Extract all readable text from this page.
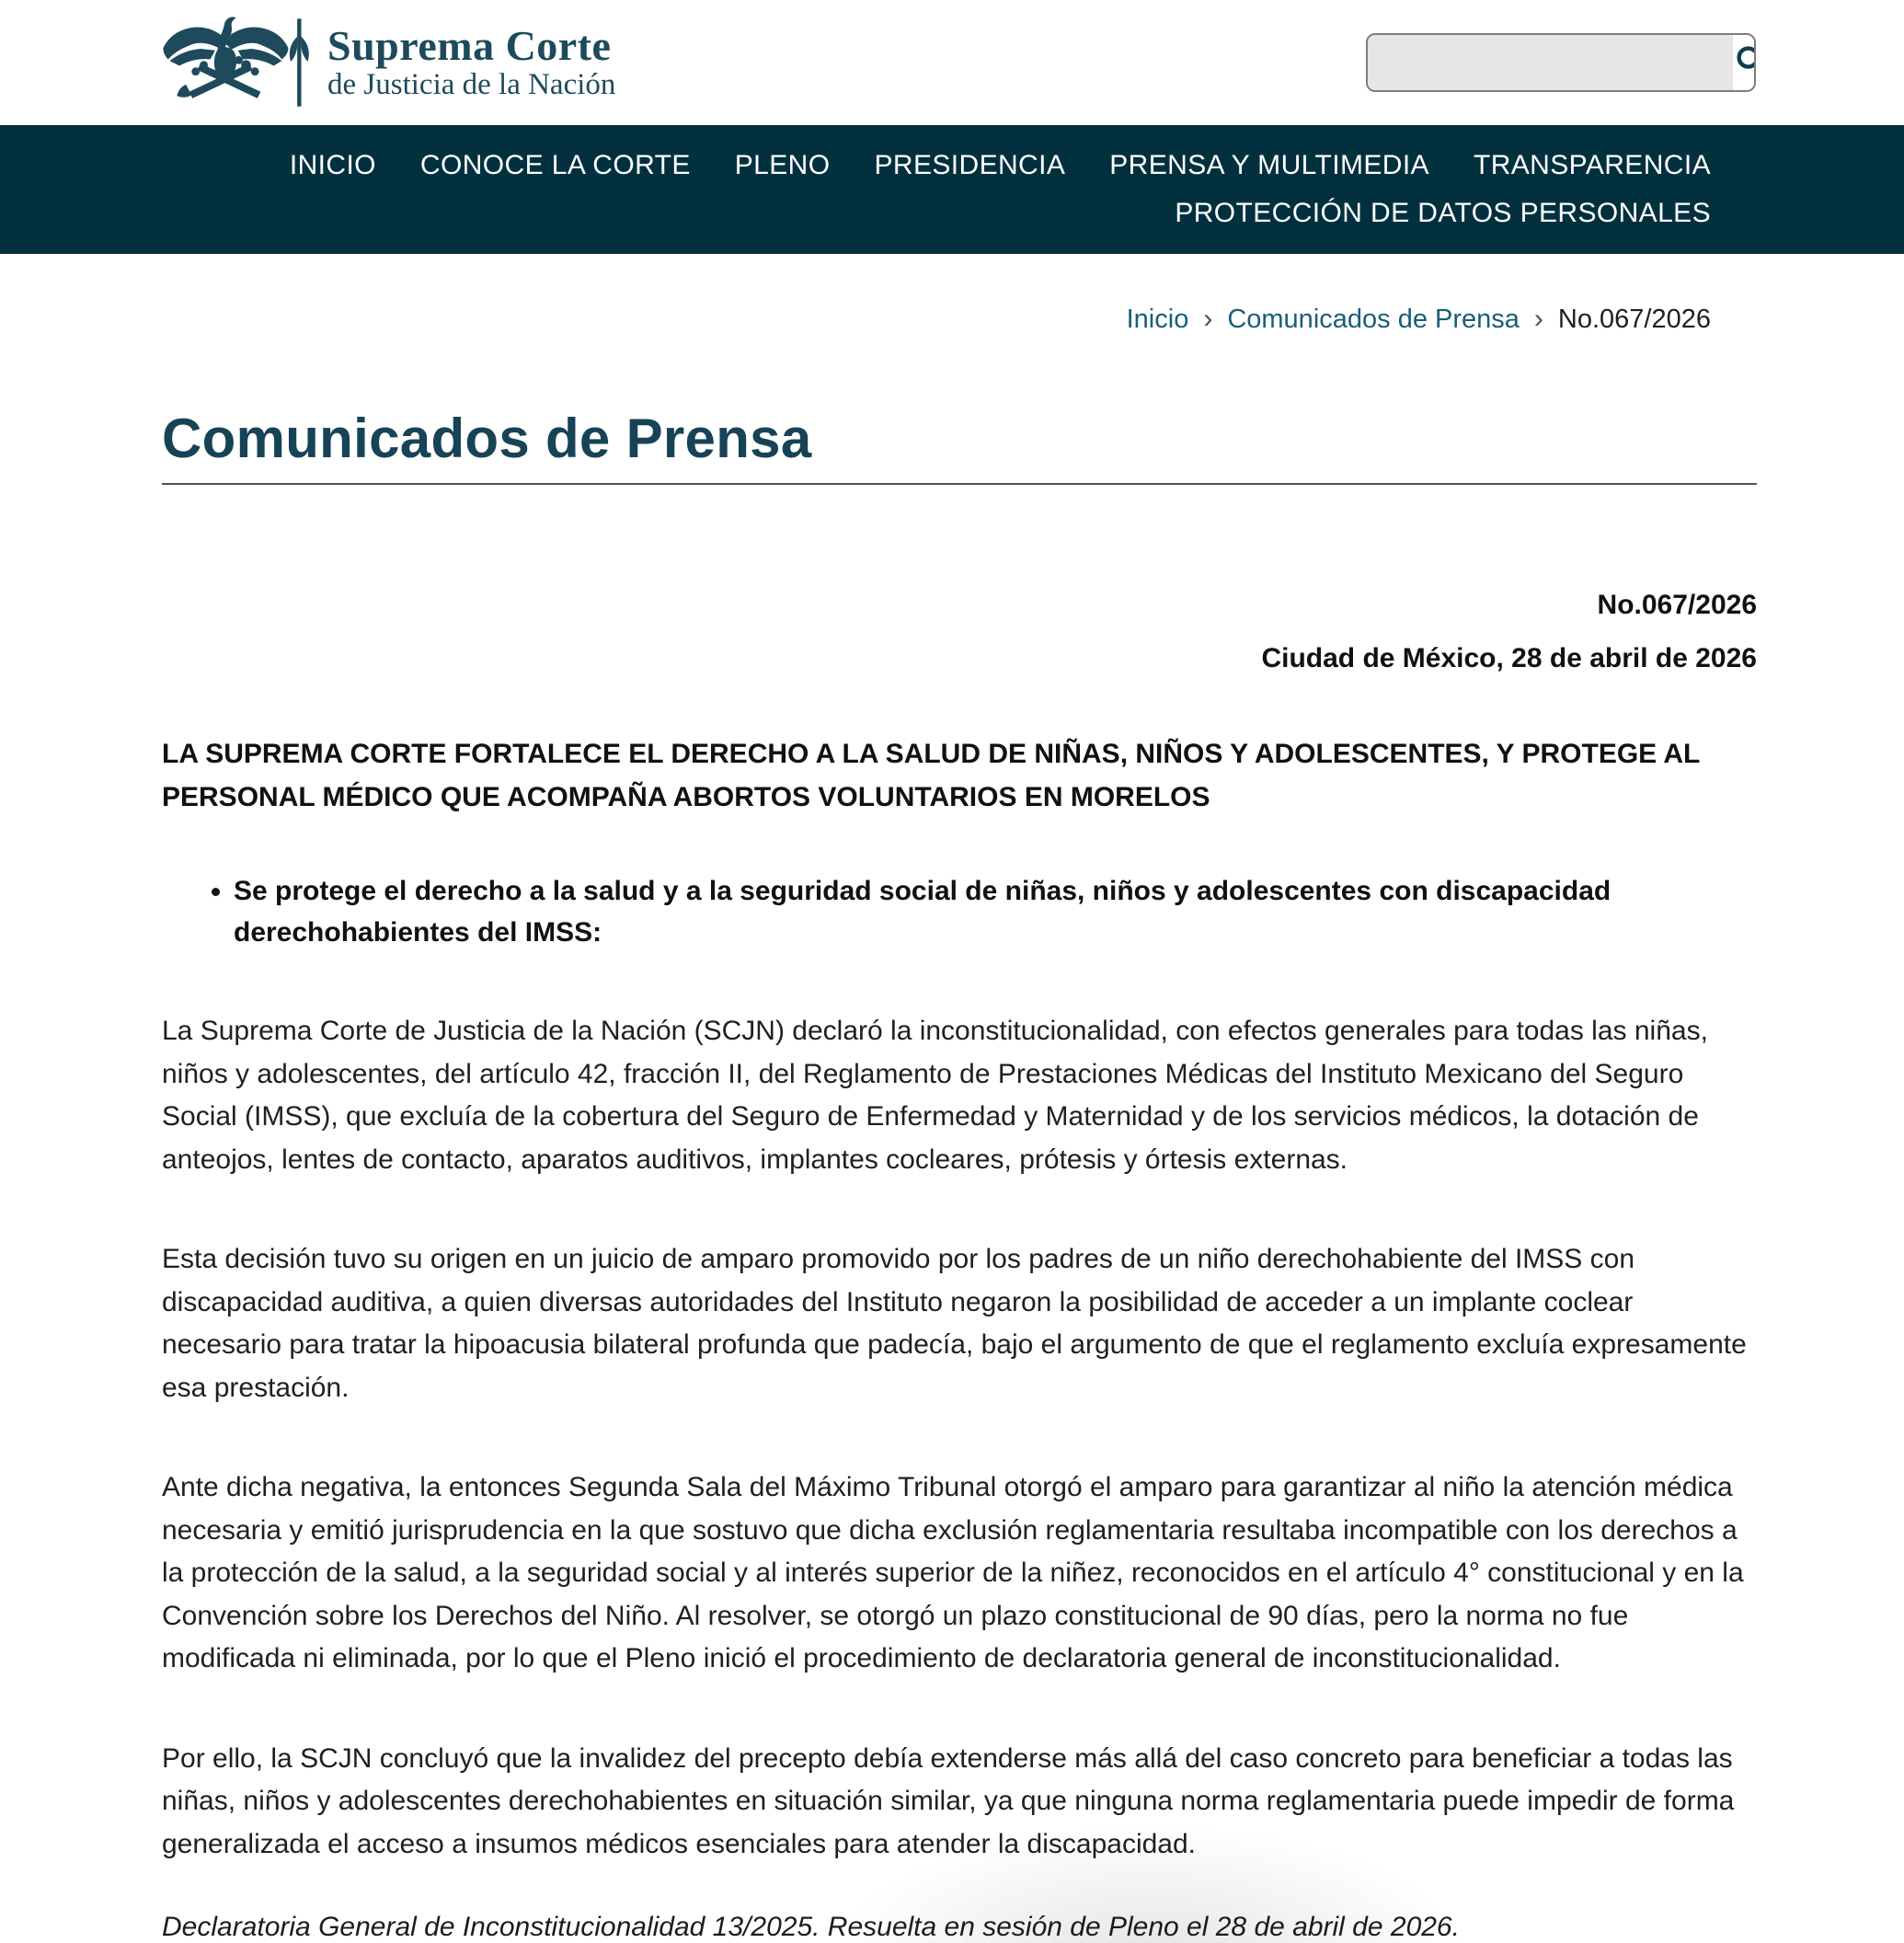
Suprema Corte
de Justicia de la Nación
INICIO CONOCE LA CORTE PLENO PRESIDENCIA PRENSA Y MULTIMEDIA TRANSPARENCIA
PROTECCIÓN DE DATOS PERSONALES
Inicio › Comunicados de Prensa › No.067/2026
Comunicados de Prensa
No.067/2026
Ciudad de México, 28 de abril de 2026

LA SUPREMA CORTE FORTALECE EL DERECHO A LA SALUD DE NIÑAS, NIÑOS Y ADOLESCENTES, Y PROTEGE AL PERSONAL MÉDICO QUE ACOMPAÑA ABORTOS VOLUNTARIOS EN MORELOS

• Se protege el derecho a la salud y a la seguridad social de niñas, niños y adolescentes con discapacidad derechohabientes del IMSS:

La Suprema Corte de Justicia de la Nación (SCJN) declaró la inconstitucionalidad, con efectos generales para todas las niñas, niños y adolescentes, del artículo 42, fracción II, del Reglamento de Prestaciones Médicas del Instituto Mexicano del Seguro Social (IMSS), que excluía de la cobertura del Seguro de Enfermedad y Maternidad y de los servicios médicos, la dotación de anteojos, lentes de contacto, aparatos auditivos, implantes cocleares, prótesis y órtesis externas.

Esta decisión tuvo su origen en un juicio de amparo promovido por los padres de un niño derechohabiente del IMSS con discapacidad auditiva, a quien diversas autoridades del Instituto negaron la posibilidad de acceder a un implante coclear necesario para tratar la hipoacusia bilateral profunda que padecía, bajo el argumento de que el reglamento excluía expresamente esa prestación.

Ante dicha negativa, la entonces Segunda Sala del Máximo Tribunal otorgó el amparo para garantizar al niño la atención médica necesaria y emitió jurisprudencia en la que sostuvo que dicha exclusión reglamentaria resultaba incompatible con los derechos a la protección de la salud, a la seguridad social y al interés superior de la niñez, reconocidos en el artículo 4° constitucional y en la Convención sobre los Derechos del Niño. Al resolver, se otorgó un plazo constitucional de 90 días, pero la norma no fue modificada ni eliminada, por lo que el Pleno inició el procedimiento de declaratoria general de inconstitucionalidad.

Por ello, la SCJN concluyó que la invalidez del precepto debía extenderse más allá del caso concreto para beneficiar a todas las niñas, niños y adolescentes derechohabientes en situación similar, ya que ninguna norma reglamentaria puede impedir de forma generalizada el acceso a insumos médicos esenciales para atender la discapacidad.

Declaratoria General de Inconstitucionalidad 13/2025. Resuelta en sesión de Pleno el 28 de abril de 2026.
